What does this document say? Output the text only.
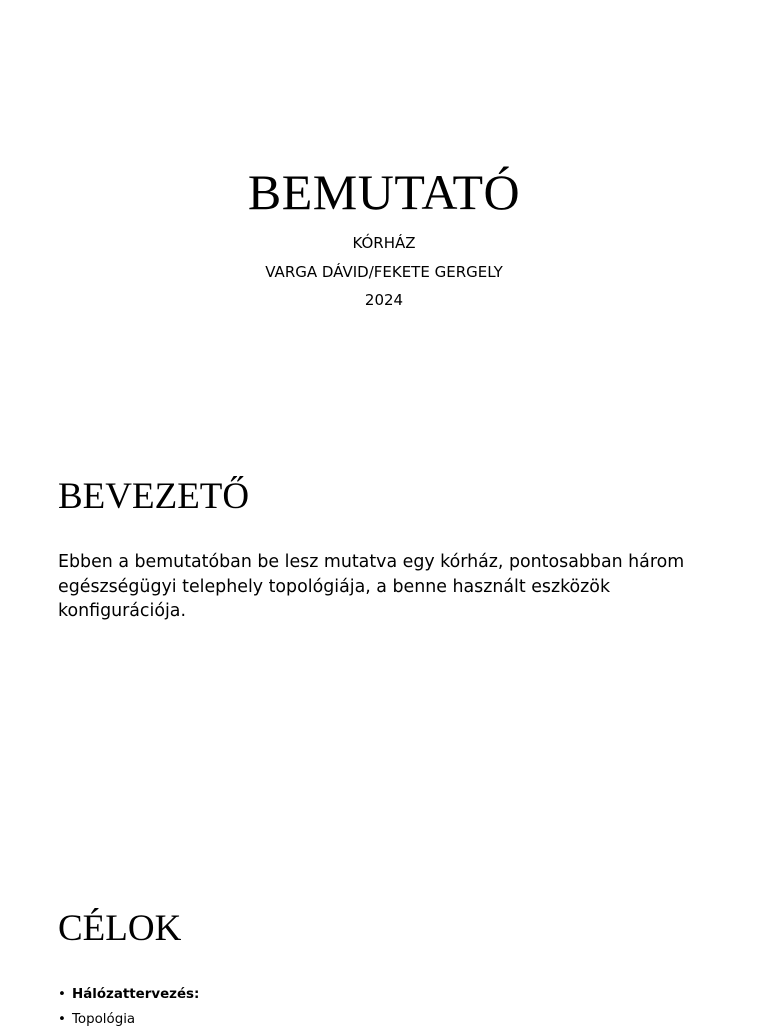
BEMUTATÓ
KÓRHÁZ
VARGA DÁVID/FEKETE GERGELY
2024
BEVEZETŐ

Ebben a bemutatóban be lesz mutatva egy kórház, pontosabban három egészségügyi telephely topológiája, a benne használt eszközök konfigurációja.

CÉLOK
• Hálózattervezés:
• Topológia
